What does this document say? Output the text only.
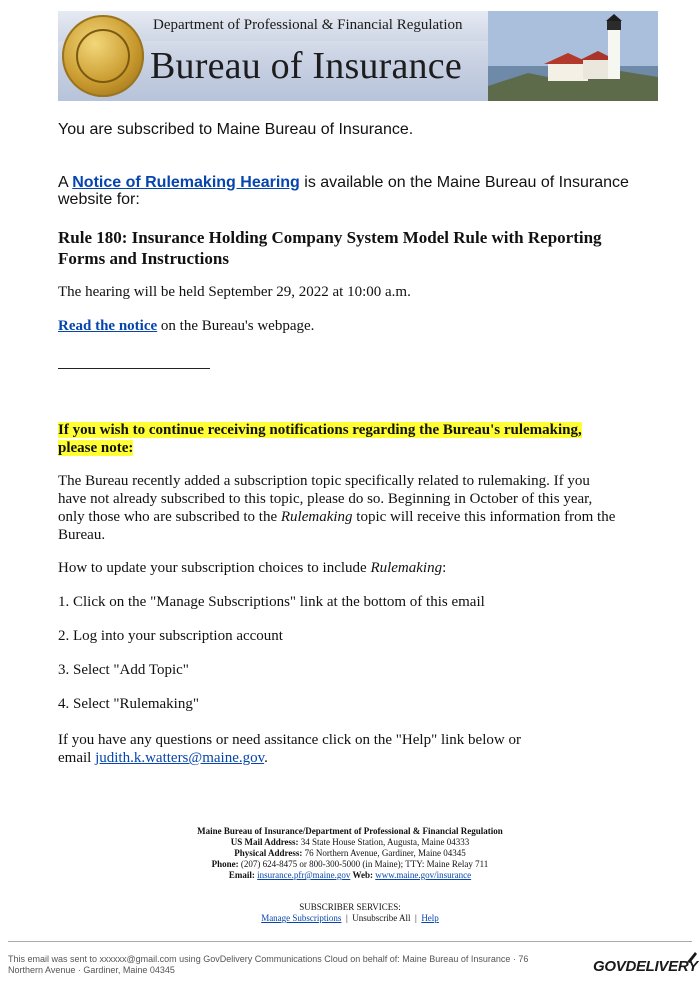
Department of Professional & Financial Regulation
Bureau of Insurance
You are subscribed to Maine Bureau of Insurance.
A Notice of Rulemaking Hearing is available on the Maine Bureau of Insurance
website for:
Rule 180: Insurance Holding Company System Model Rule with Reporting
Forms and Instructions
The hearing will be held September 29, 2022 at 10:00 a.m.
Read the notice on the Bureau's webpage.
If you wish to continue receiving notifications regarding the Bureau's rulemaking,
please note:
The Bureau recently added a subscription topic specifically related to rulemaking. If you
have not already subscribed to this topic, please do so. Beginning in October of this year,
only those who are subscribed to the Rulemaking topic will receive this information from the
Bureau.
How to update your subscription choices to include Rulemaking:
1. Click on the "Manage Subscriptions" link at the bottom of this email
2. Log into your subscription account
3. Select "Add Topic"
4. Select "Rulemaking"
If you have any questions or need assitance click on the "Help" link below or
email judith.k.watters@maine.gov.
Maine Bureau of Insurance/Department of Professional & Financial Regulation
US Mail Address: 34 State House Station, Augusta, Maine 04333
Physical Address: 76 Northern Avenue, Gardiner, Maine 04345
Phone: (207) 624-8475 or 800-300-5000 (in Maine); TTY: Maine Relay 711
Email: insurance.pfr@maine.gov Web: www.maine.gov/insurance
SUBSCRIBER SERVICES:
Manage Subscriptions  |  Unsubscribe All  |  Help
This email was sent to xxxxxx@gmail.com using GovDelivery Communications Cloud on behalf of: Maine Bureau of Insurance · 76
Northern Avenue · Gardiner, Maine 04345	GOVDELIVERY
